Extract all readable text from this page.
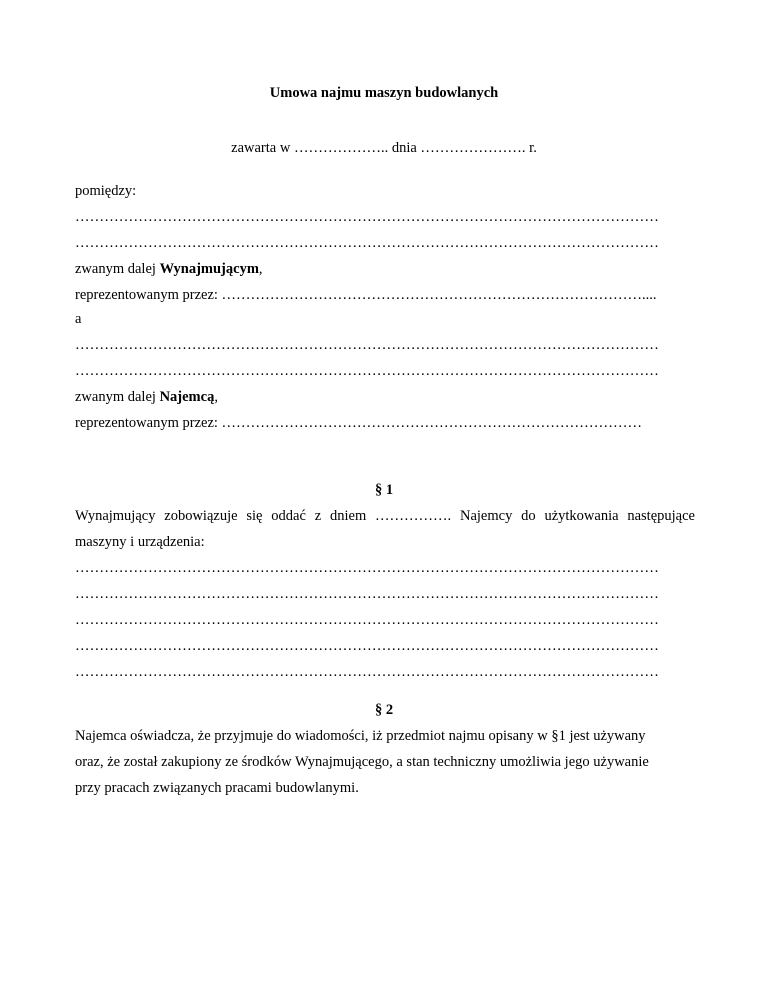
Umowa najmu maszyn budowlanych
zawarta w ……………….. dnia …………………. r.
pomiędzy:
…………………………………………………………………………………………………………
…………………………………………………………………………………………………………
zwanym dalej Wynajmującym,
reprezentowanym przez: ……………………………………………………………………………....
a
…………………………………………………………………………………………………………
…………………………………………………………………………………………………………
zwanym dalej Najemcą,
reprezentowanym przez: ……………………………………………………………………………
§ 1
Wynajmujący zobowiązuje się oddać z dniem ……………. Najemcy do użytkowania następujące
maszyny i urządzenia:
…………………………………………………………………………………………………………
…………………………………………………………………………………………………………
…………………………………………………………………………………………………………
…………………………………………………………………………………………………………
…………………………………………………………………………………………………………
§ 2
Najemca oświadcza, że przyjmuje do wiadomości, iż przedmiot najmu opisany w §1 jest używany
oraz, że został zakupiony ze środków Wynajmującego, a stan techniczny umożliwia jego używanie
przy pracach związanych pracami budowlanymi.
